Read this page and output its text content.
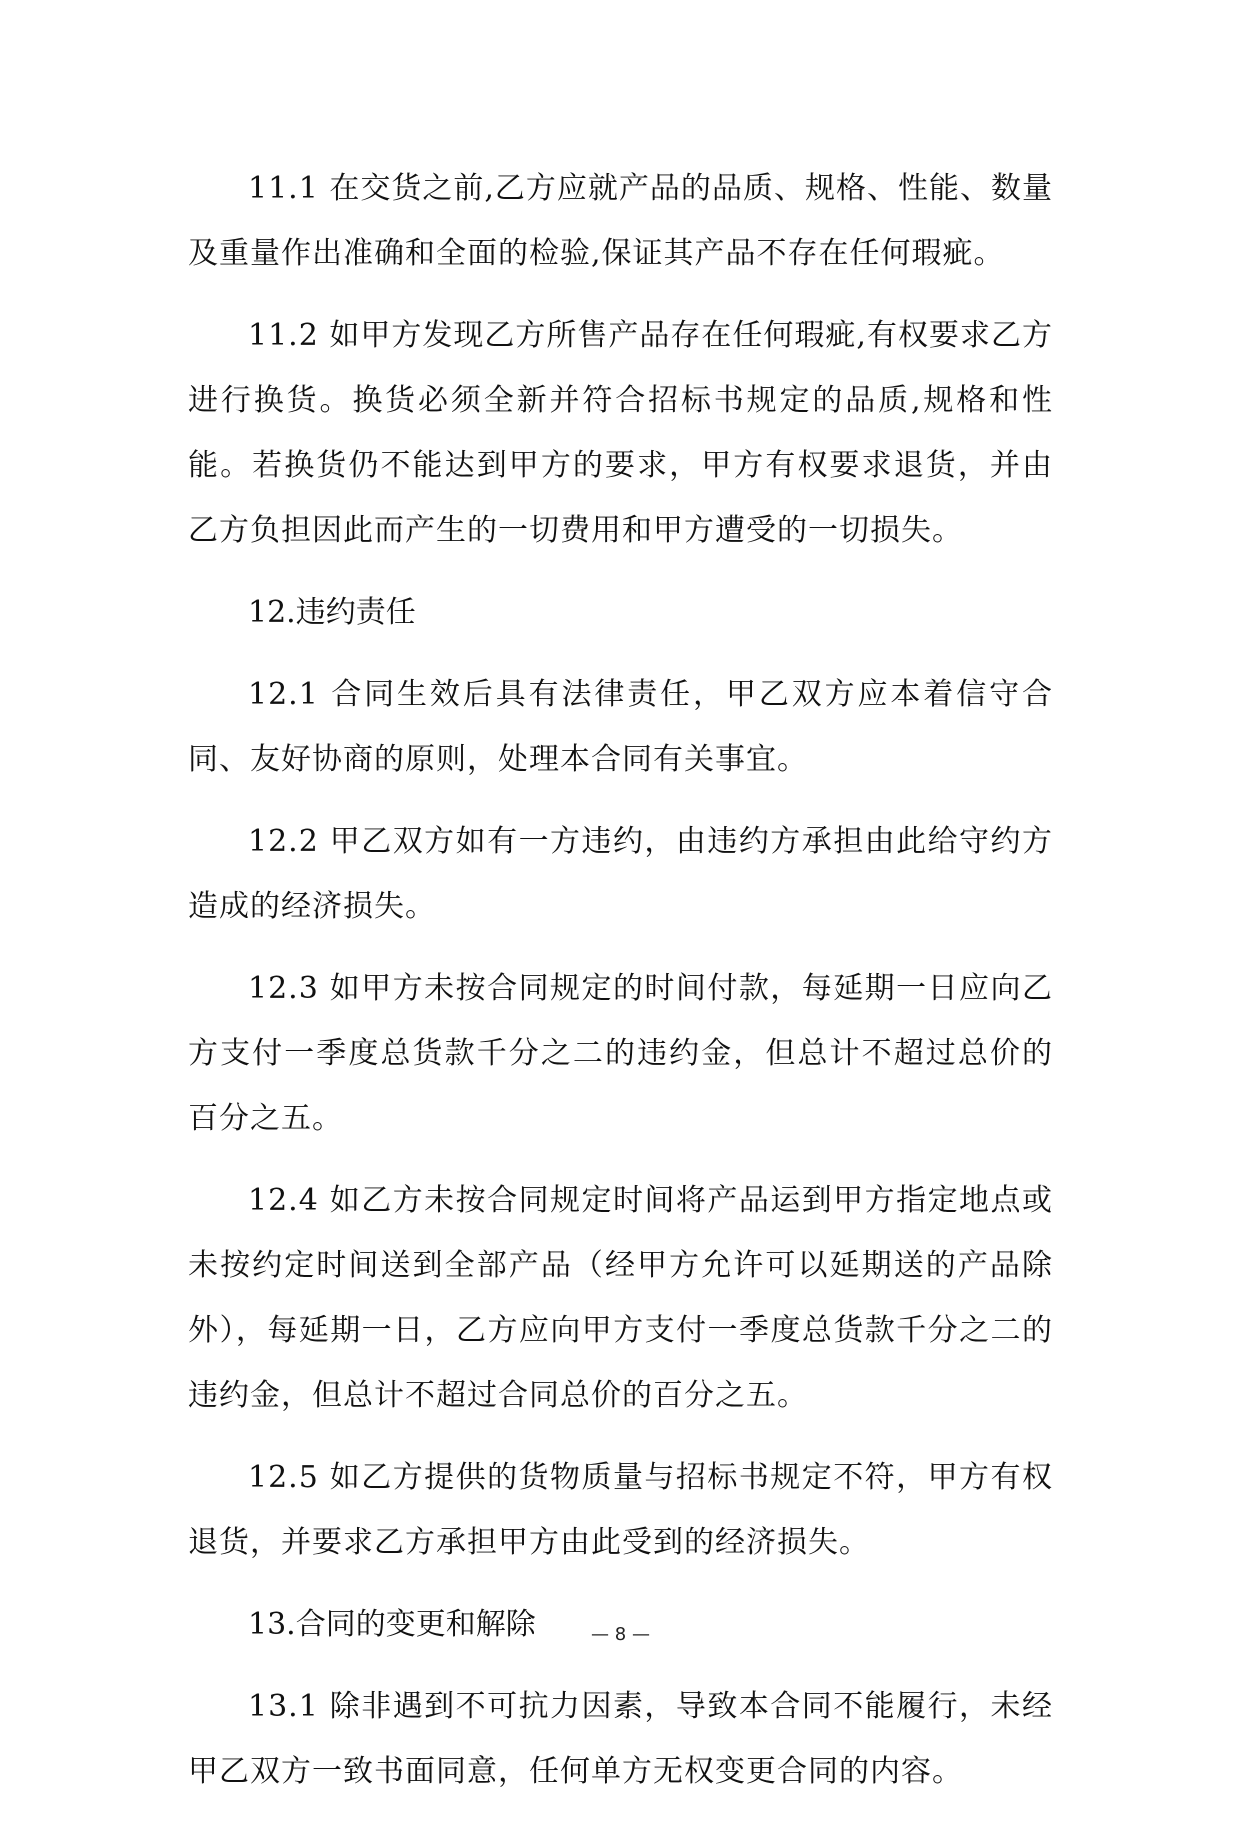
11.1 在交货之前,乙方应就产品的品质、规格、性能、数量及重量作出准确和全面的检验,保证其产品不存在任何瑕疵。

11.2 如甲方发现乙方所售产品存在任何瑕疵,有权要求乙方进行换货。换货必须全新并符合招标书规定的品质,规格和性能。若换货仍不能达到甲方的要求，甲方有权要求退货，并由乙方负担因此而产生的一切费用和甲方遭受的一切损失。

12.违约责任

12.1 合同生效后具有法律责任，甲乙双方应本着信守合同、友好协商的原则，处理本合同有关事宜。

12.2 甲乙双方如有一方违约，由违约方承担由此给守约方造成的经济损失。

12.3 如甲方未按合同规定的时间付款，每延期一日应向乙方支付一季度总货款千分之二的违约金，但总计不超过总价的百分之五。

12.4 如乙方未按合同规定时间将产品运到甲方指定地点或未按约定时间送到全部产品（经甲方允许可以延期送的产品除外），每延期一日，乙方应向甲方支付一季度总货款千分之二的违约金，但总计不超过合同总价的百分之五。

12.5 如乙方提供的货物质量与招标书规定不符，甲方有权退货，并要求乙方承担甲方由此受到的经济损失。

13.合同的变更和解除

13.1 除非遇到不可抗力因素，导致本合同不能履行，未经甲乙双方一致书面同意，任何单方无权变更合同的内容。

— 8 —
